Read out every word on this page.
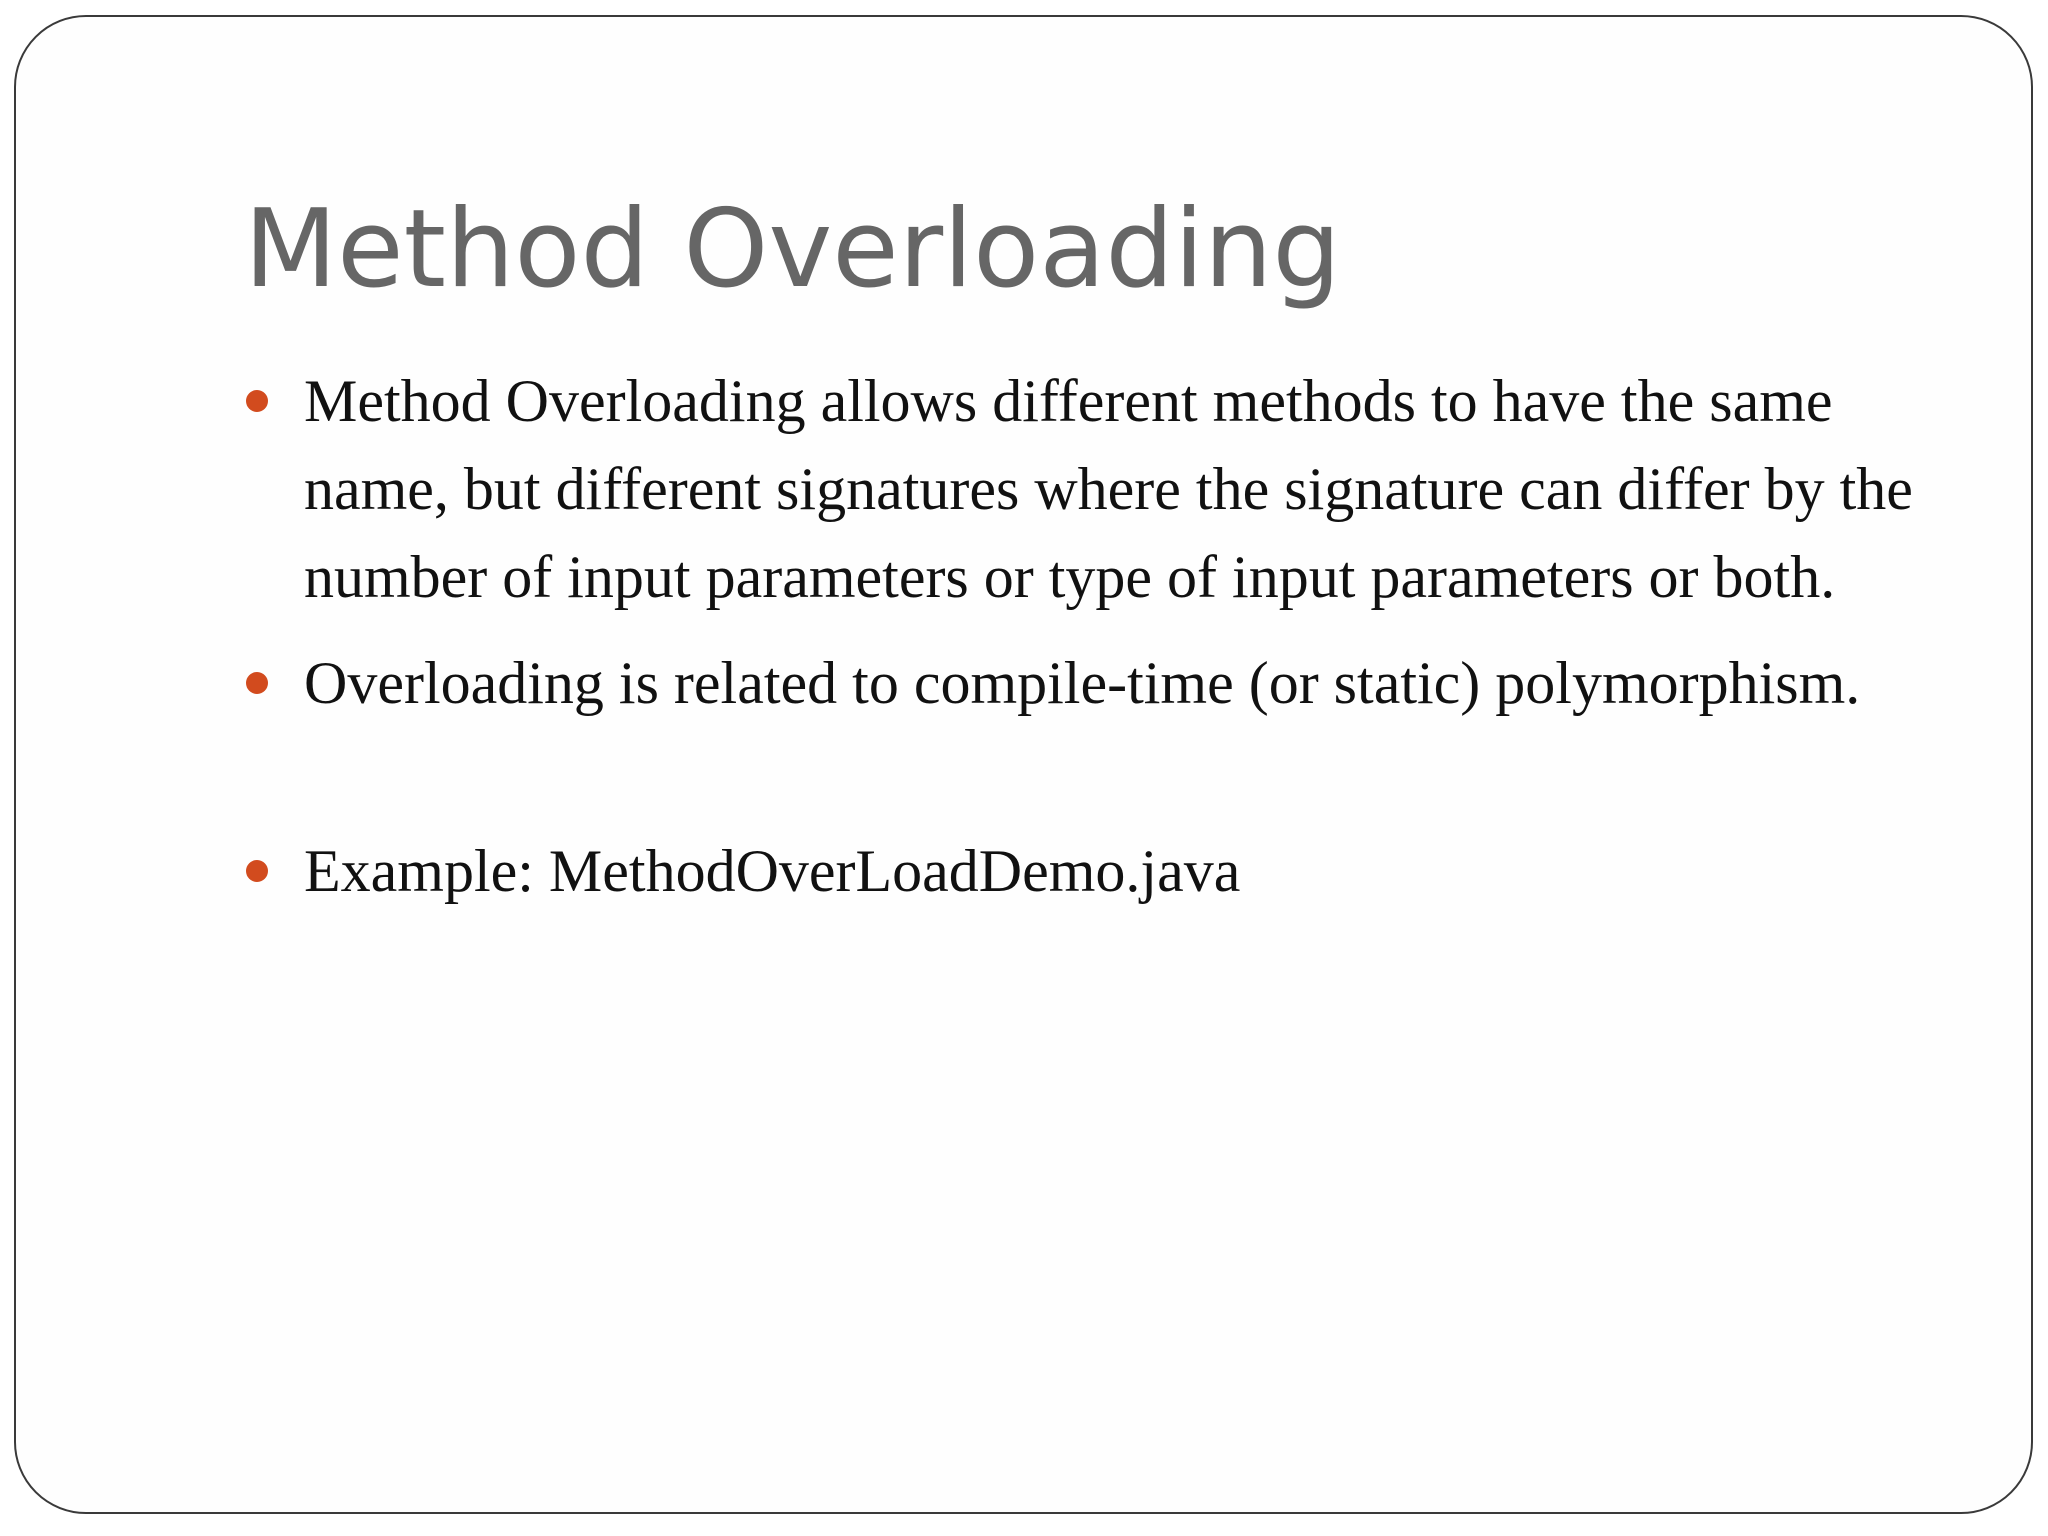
Method Overloading
Method Overloading allows different methods to have the same name, but different signatures where the signature can differ by the number of input parameters or type of input parameters or both.
Overloading is related to compile-time (or static) polymorphism.
Example: MethodOverLoadDemo.java
